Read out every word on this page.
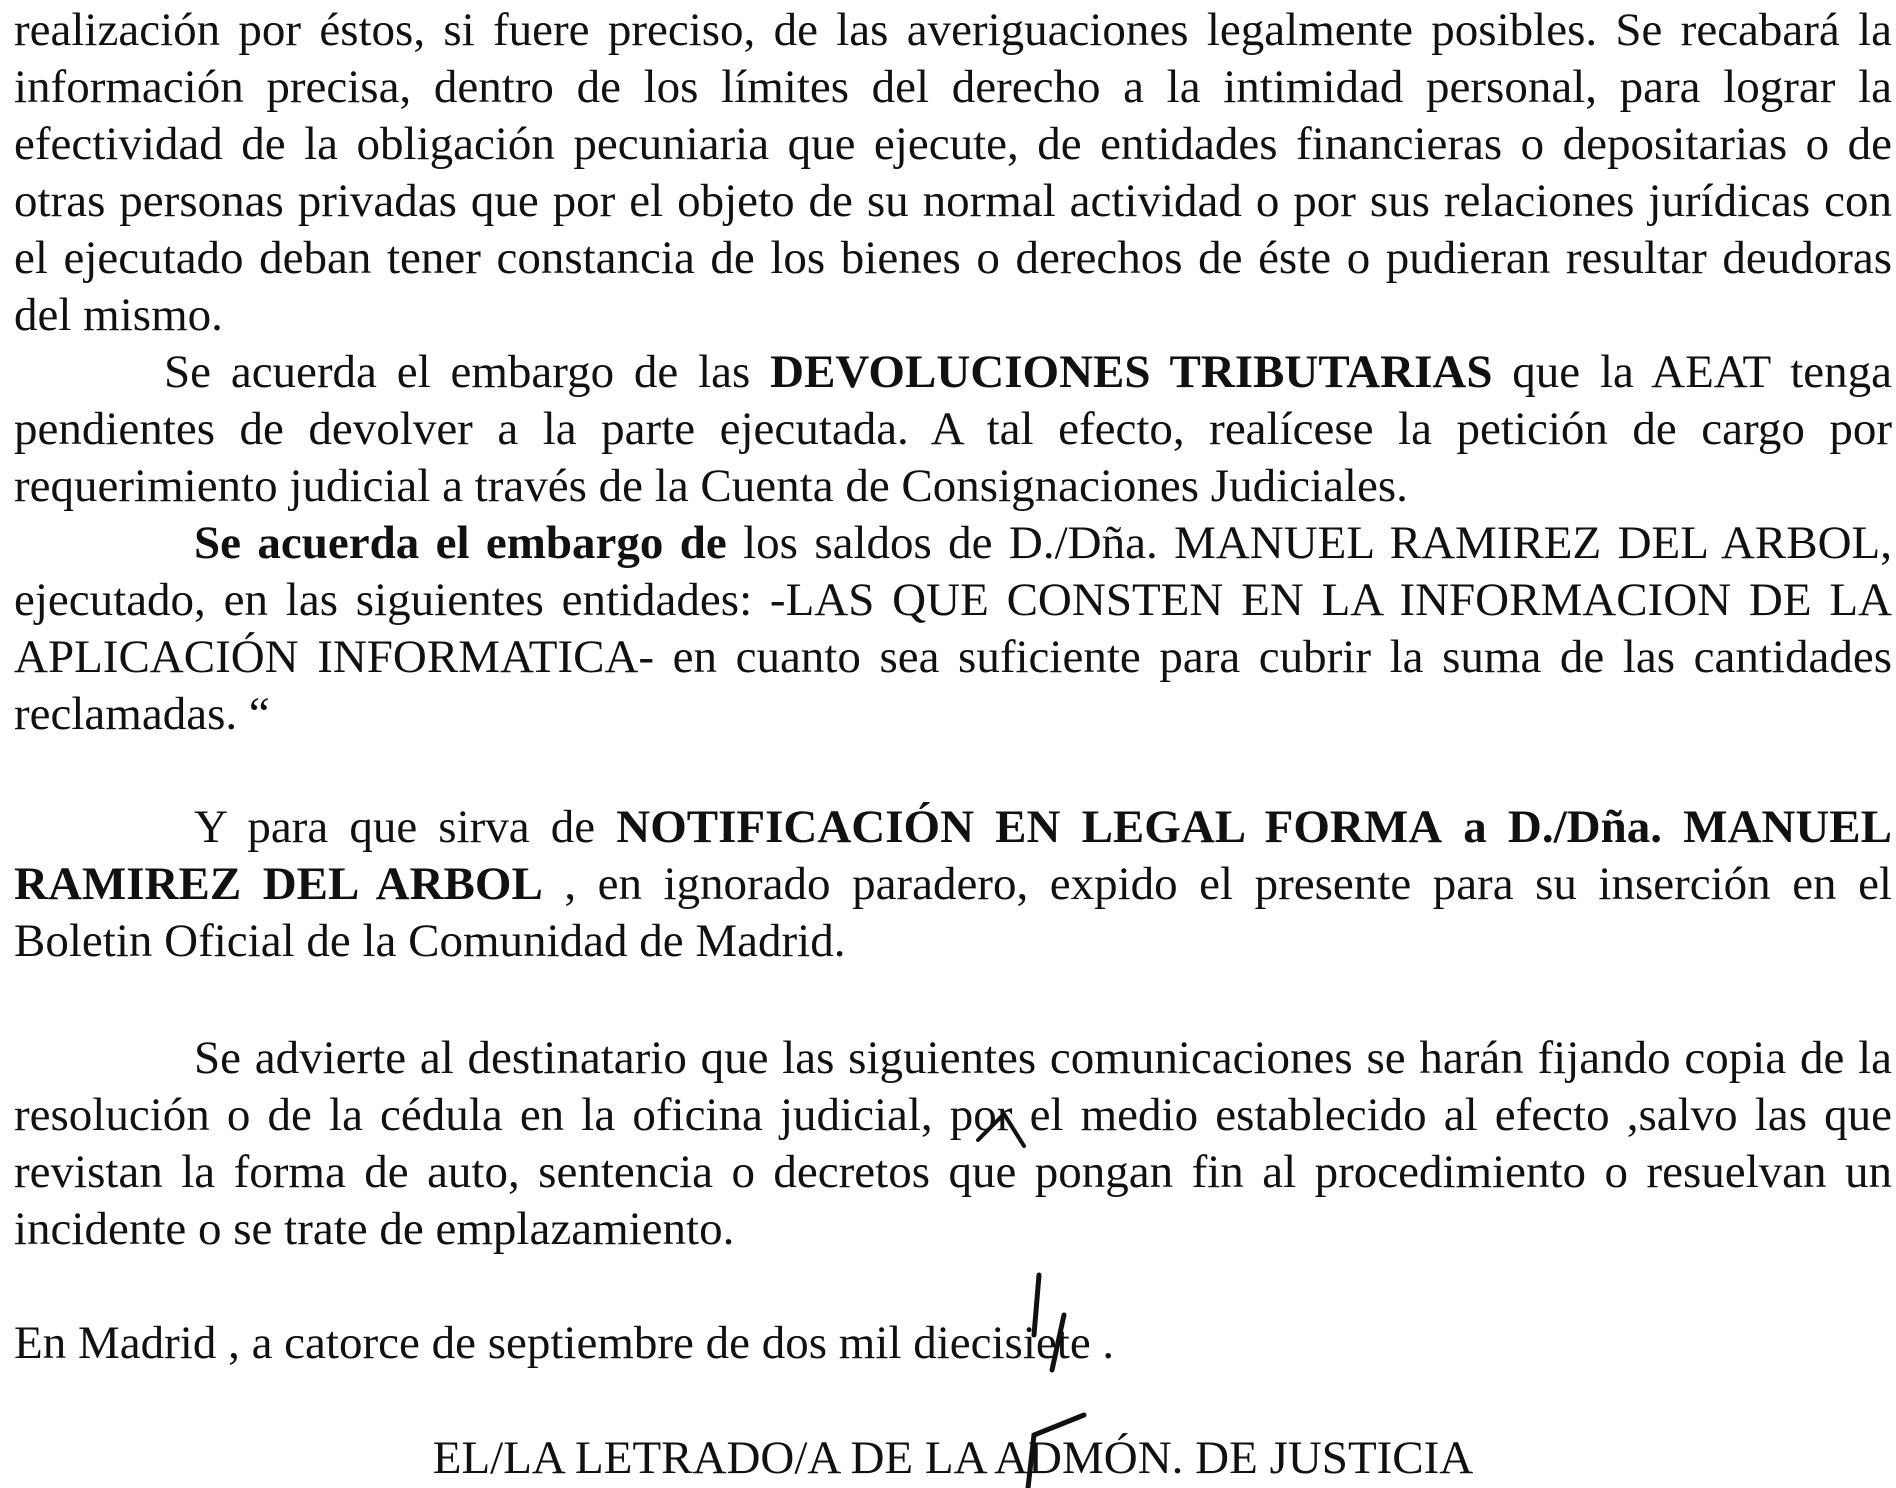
realización por éstos, si fuere preciso, de las averiguaciones legalmente posibles. Se recabará la información precisa, dentro de los límites del derecho a la intimidad personal, para lograr la efectividad de la obligación pecuniaria que ejecute, de entidades financieras o depositarias o de otras personas privadas que por el objeto de su normal actividad o por sus relaciones jurídicas con el ejecutado deban tener constancia de los bienes o derechos de éste o pudieran resultar deudoras del mismo.

Se acuerda el embargo de las DEVOLUCIONES TRIBUTARIAS que la AEAT tenga pendientes de devolver a la parte ejecutada. A tal efecto, realícese la petición de cargo por requerimiento judicial a través de la Cuenta de Consignaciones Judiciales.

Se acuerda el embargo de los saldos de D./Dña. MANUEL RAMIREZ DEL ARBOL, ejecutado, en las siguientes entidades: -LAS QUE CONSTEN EN LA INFORMACION DE LA APLICACIÓN INFORMATICA- en cuanto sea suficiente para cubrir la suma de las cantidades reclamadas. “

Y para que sirva de NOTIFICACIÓN EN LEGAL FORMA a D./Dña. MANUEL RAMIREZ DEL ARBOL , en ignorado paradero, expido el presente para su inserción en el Boletin Oficial de la Comunidad de Madrid.

Se advierte al destinatario que las siguientes comunicaciones se harán fijando copia de la resolución o de la cédula en la oficina judicial, por el medio establecido al efecto ,salvo las que revistan la forma de auto, sentencia o decretos que pongan fin al procedimiento o resuelvan un incidente o se trate de emplazamiento.

En Madrid , a catorce de septiembre de dos mil diecisiete .

EL/LA LETRADO/A DE LA ADMÓN. DE JUSTICIA
